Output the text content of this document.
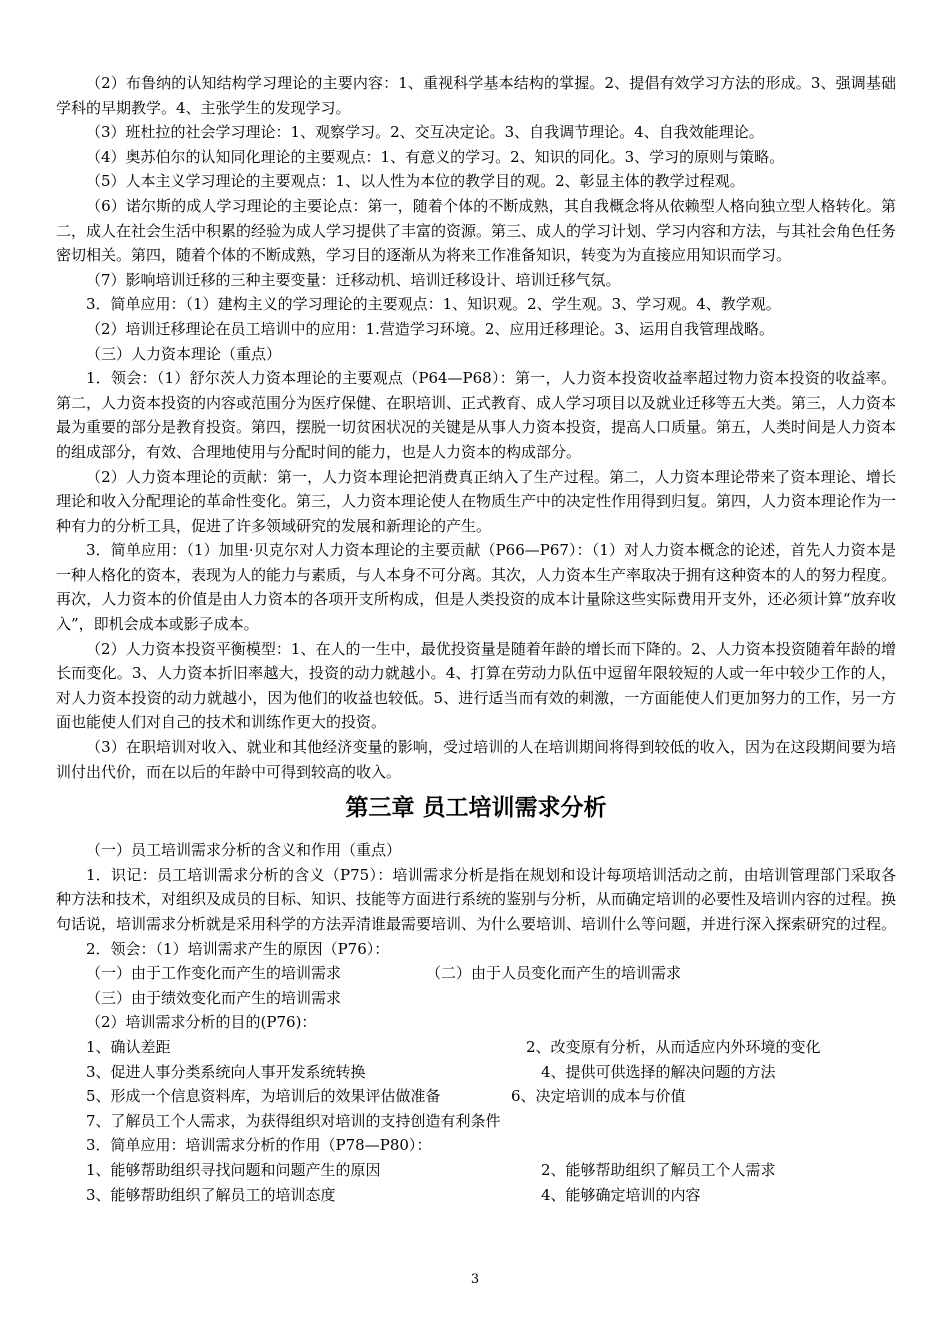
（2）布鲁纳的认知结构学习理论的主要内容：1、重视科学基本结构的掌握。2、提倡有效学习方法的形成。3、强调基础学科的早期教学。4、主张学生的发现学习。

（3）班杜拉的社会学习理论：1、观察学习。2、交互决定论。3、自我调节理论。4、自我效能理论。

（4）奥苏伯尔的认知同化理论的主要观点：1、有意义的学习。2、知识的同化。3、学习的原则与策略。

（5）人本主义学习理论的主要观点：1、以人性为本位的教学目的观。2、彰显主体的教学过程观。

（6）诺尔斯的成人学习理论的主要论点：第一，随着个体的不断成熟，其自我概念将从依赖型人格向独立型人格转化。第二，成人在社会生活中积累的经验为成人学习提供了丰富的资源。第三、成人的学习计划、学习内容和方法，与其社会角色任务密切相关。第四，随着个体的不断成熟，学习目的逐渐从为将来工作准备知识，转变为为直接应用知识而学习。

（7）影响培训迁移的三种主要变量：迁移动机、培训迁移设计、培训迁移气氛。

3．简单应用：（1）建构主义的学习理论的主要观点：1、知识观。2、学生观。3、学习观。4、教学观。

（2）培训迁移理论在员工培训中的应用：1.营造学习环境。2、应用迁移理论。3、运用自我管理战略。

（三）人力资本理论（重点）

1．领会：（1）舒尔茨人力资本理论的主要观点（P64—P68）：第一，人力资本投资收益率超过物力资本投资的收益率。第二，人力资本投资的内容或范围分为医疗保健、在职培训、正式教育、成人学习项目以及就业迁移等五大类。第三，人力资本最为重要的部分是教育投资。第四，摆脱一切贫困状况的关键是从事人力资本投资，提高人口质量。第五，人类时间是人力资本的组成部分，有效、合理地使用与分配时间的能力，也是人力资本的构成部分。

（2）人力资本理论的贡献：第一，人力资本理论把消费真正纳入了生产过程。第二，人力资本理论带来了资本理论、增长理论和收入分配理论的革命性变化。第三，人力资本理论使人在物质生产中的决定性作用得到归复。第四，人力资本理论作为一种有力的分析工具，促进了许多领域研究的发展和新理论的产生。

3．简单应用：（1）加里·贝克尔对人力资本理论的主要贡献（P66—P67）：（1）对人力资本概念的论述，首先人力资本是一种人格化的资本，表现为人的能力与素质，与人本身不可分离。其次，人力资本生产率取决于拥有这种资本的人的努力程度。再次，人力资本的价值是由人力资本的各项开支所构成，但是人类投资的成本计量除这些实际费用开支外，还必须计算“放弃收入”，即机会成本或影子成本。

（2）人力资本投资平衡模型：1、在人的一生中，最优投资量是随着年龄的增长而下降的。2、人力资本投资随着年龄的增长而变化。3、人力资本折旧率越大，投资的动力就越小。4、打算在劳动力队伍中逗留年限较短的人或一年中较少工作的人，对人力资本投资的动力就越小，因为他们的收益也较低。5、进行适当而有效的刺激，一方面能使人们更加努力的工作，另一方面也能使人们对自己的技术和训练作更大的投资。

（3）在职培训对收入、就业和其他经济变量的影响，受过培训的人在培训期间将得到较低的收入，因为在这段期间要为培训付出代价，而在以后的年龄中可得到较高的收入。

第三章 员工培训需求分析

（一）员工培训需求分析的含义和作用（重点）

1．识记：员工培训需求分析的含义（P75）：培训需求分析是指在规划和设计每项培训活动之前，由培训管理部门采取各种方法和技术，对组织及成员的目标、知识、技能等方面进行系统的鉴别与分析，从而确定培训的必要性及培训内容的过程。换句话说，培训需求分析就是采用科学的方法弄清谁最需要培训、为什么要培训、培训什么等问题，并进行深入探索研究的过程。

2．领会：（1）培训需求产生的原因（P76）：

（一）由于工作变化而产生的培训需求	（二）由于人员变化而产生的培训需求
（三）由于绩效变化而产生的培训需求
（2）培训需求分析的目的(P76)：
1、确认差距	2、改变原有分析，从而适应内外环境的变化
3、促进人事分类系统向人事开发系统转换	4、提供可供选择的解决问题的方法
5、形成一个信息资料库，为培训后的效果评估做准备	6、决定培训的成本与价值
7、了解员工个人需求，为获得组织对培训的支持创造有利条件
3．简单应用：培训需求分析的作用（P78—P80）：
1、能够帮助组织寻找问题和问题产生的原因	2、能够帮助组织了解员工个人需求
3、能够帮助组织了解员工的培训态度	4、能够确定培训的内容
3
